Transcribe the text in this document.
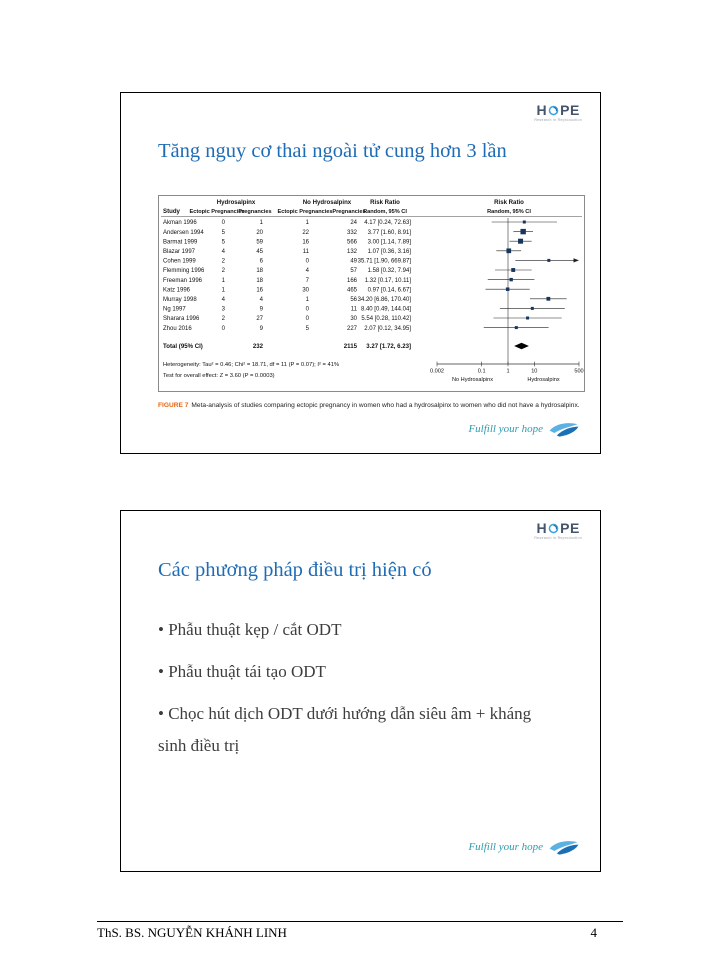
H PE
Research in Reproduction
Tăng nguy cơ thai ngoài tử cung hơn 3 lần
0.002	0.1	1	10	500
No Hydrosalpinx	Hydrosalpinx
Hydrosalpinx	No Hydrosalpinx	Risk Ratio	Risk Ratio
Study Ectopic Pregnancies
Pregnancies Ectopic Pregnancies Pregnancies
Random, 95% CI	Random, 95% CI
Akman 1996	0	1	1	24 4.17 [0.24, 72.63]
Andersen 1994	5	20	22	332 3.77 [1.60, 8.91]
Barmat 1999	5	59	16	566 3.00 [1.14, 7.89]
Blazar 1997	4	45	11	132 1.07 [0.36, 3.16]
Cohen 1999	2	6	0	49 35.71 [1.90, 669.87]
Flemming 1996	2	18	4	57 1.58 [0.32, 7.94]
Freeman 1996	1	18	7	166 1.32 [0.17, 10.11]
Katz 1996	1	16	30	465 0.97 [0.14, 6.67]
Murray 1998	4	4	1	56 34.20 [6.86, 170.40]
Ng 1997	3	9	0	11 8.40 [0.49, 144.04]
Sharara 1996	2	27	0	30 5.54 [0.28, 110.42]
Zhou 2016	0	9	5	227 2.07 [0.12, 34.95]
Total (95% CI)	232	2115 3.27 [1.72, 6.23]
Heterogeneity: Tau² = 0.46; Chi² = 18.71, df = 11 (P = 0.07); I² = 41%
Test for overall effect: Z = 3.60 (P = 0.0003)

FIGURE 7 Meta-analysis of studies comparing ectopic pregnancy in women who had a hydrosalpinx to women who did not have a hydrosalpinx.

Fulfill your hope
H PE
Research in Reproduction
Các phương pháp điều trị hiện có
• Phẫu thuật kẹp / cắt ODT
• Phẫu thuật tái tạo ODT
• Chọc hút dịch ODT dưới hướng dẫn siêu âm + kháng sinh điều trị
Fulfill your hope
ThS. BS. NGUYỄN KHÁNH LINH	4
